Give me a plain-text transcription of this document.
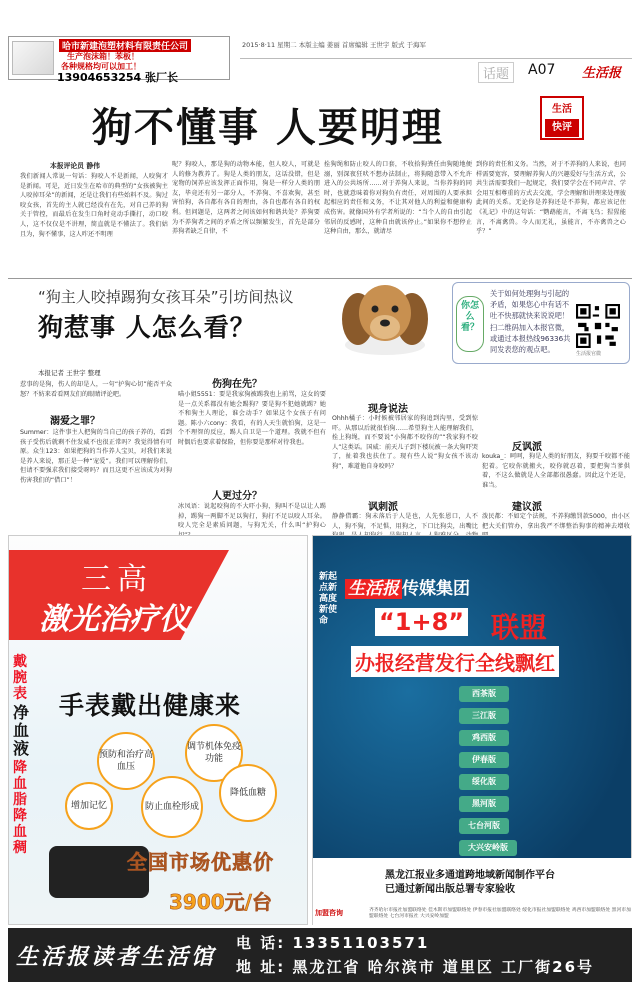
哈市新建泡塑材料有限责任公司
生产泡沫箱！苯板！
各种规格均可以加工！
13904653254 张厂长
2015·8·11 星期二 本版主编 姜丽 首席编辑 王世宇 版式 于海军
话题	A07 生活报
狗不懂事 人要明理	生活
快评
本报评论员 静伟
我们新闻人常说一句话：狗咬人不是新闻，人咬狗才是新闻。可是，近日发生在哈市的典型的“女孩被狗主人咬掉耳朵”的新闻，还是让我们有些始料不及。狗过咬女孩，首先的主人就已经没有在先，对自己养的狗关于管控，而最后在发生口角时竟动手撕打，动口咬人，这不仅仅是不讲理，简直就是不懂法了。我们姑且为，狗不懂事，这人咋还不明理
呢？狗咬人，那是狗的动物本能，但人咬人，可就是人的修为教养了。狗是人类的朋友，这话没错，但是宠物的饲养应该发挥正面作用，狗是一样分人类的朋友，毕竟还有另一部分人，不养狗、不喜欢狗，甚至害怕狗，各自都有各自的理由，各自也都有各自的权利。但问题是，这两者之间该如何和谐共处？养狗要为不养狗者之间的矛盾之所以频繁发生，首先是部分养狗者缺乏自律，不
拴狗绳和防止咬人的口套，不收拾狗粪任由狗随地便溺，别深夜狂吠不想办法制止，将狗随意带入不允许进入的公共场所……对于养狗人来说，当你养狗的同时，也就意味着你对狗负有责任，对周围的人要承担起相应的责任和义务，不让其对他人的利益和健康构成伤害。就像国外有学者所说的：“当个人的自由引起邻居的反感时，这种自由就该停止。”如果你不想停止这种自由，那么，就请尽
到你的责任和义务。当然，对于不养狗的人来说，也同样需要宽容，要理解养狗人的兴趣爱好与生活方式，公共生活需要我们一起规定，我们要学会在不同声音、学会用互相尊重的方式去交流，学会理解和讲理来处理彼此间的关系。无论你是养狗还是不养狗，都应该记住《礼记》中的这句话：“鹦鹉能言，不离飞鸟；猩猩能言，不离禽兽。今人而无礼，虽能言，不亦禽兽之心乎？”
“狗主人咬掉踢狗女孩耳朵”引坊间热议
狗惹事 人怎么看？
你怎么看？
关于如何处理狗与引起的矛盾，如果您心中有话不吐不快那就快来说说吧！扫二维码加入本报官微，或通过本报热线96336共同发表您的观点吧。	生活报官微
本报记者 王世宇 整理
惹事的是狗，伤人的却是人，一句“护狗心切”能否平众怒？不妨来看看网友们的眼睛评论吧。
溺爱之罪？
Summer：这件事主人把狗的当自己的孩子养的，看到孩子受伤后就剩不住发威不也很正常吗？我觉得情有可原。众生123：如果把狗的当作养人宝贝，对我们来说是养人来说，那正是一种“宠爱”。我们可以理解你们，但请不要强求我们接受呀吗？而且这更不应该成为对狗伤害我们的“借口”！
伤狗在先？
喵小姐5551：要是我家狗被踢我也上前骂，这女的要是一点关系都没有她会踢狗？要是狗不犯她就踢？她不和狗主人理论，谁会动手？如果这个女孩子有问题。陈小六cony：我看，有的人天生就怕狗，这是一个不理智的反应，踢人自卫是一个道理。我就不但有时偶后也要求着保险，但你要是那样对待我也。
人更过分？
冰凤语：说起咬狗的不大吓小狗，狗叫不是以让人踢掉，踢狗一两脚不足以狗打，狗打不足以咬人耳朵。咬人完全是素质问题，与狗无关，什么叫“护狗心
现身说法
Ohhh橘子：小时候被邻居家的狗追到沟里，受到惊吓。从那以后就很怕狗……希望狗主人能理解我们，拴上狗绳，而不要说“小狗都不咬你的”“我家狗不咬人”这类话。国威：前天儿子到下楼玩被一条大狗吓哭了，扯着我也扶住了。现有些人说“狗女孩不该动狗”，难道他自身咬吗？
讽刺派
静静借霸：狗未落后于人是也，人先张恩口，人不人，狗不狗，不足惧，用狗之，下口比狗尖，出嘴比
反讽派
kouka_：呵呵，狗是人类的好朋友，狗要千咬都不能犯着。它咬你就搬火，咬你就忍着，要把狗当爹供着，不这么做就是人全部都很愚蠢。因此这个还是，谁当。
建议派
泼民都：不如定个法规，不养狗缴罚款5000，由小区把大关们管办，拿出我严不绑整治狗事的精神去增收
三高
激光治疗仪
戴腕表
净血液
降血脂降血稠
手表戴出健康来
预防和治疗高血压
调节机体免疫功能
增加记忆	防止血栓形成
降低血糖
全国市场优惠价
3900元/台
新起点新高度新使命
生活报 传媒集团
“1+8” 联盟
办报经营发行全线飘红
西茶版
三江版
鸡西版
伊春版
绥化版
黑河版
七台河版
大兴安岭版
黑龙江报业多通道跨地域新闻制作平台
已通过新闻出版总署专家验收
加盟咨询	齐齐哈尔市报社加盟联络处 佳木斯市加盟联络处 伊春市报社加盟联络处 绥化市报社加盟联络处 鸡西市加盟联络处 黑河市加盟联络处 七台河市报社 大兴安岭加盟
生活报读者生活馆
电 话: 13351103571
地 址: 黑龙江省 哈尔滨市 道里区 工厂街26号
